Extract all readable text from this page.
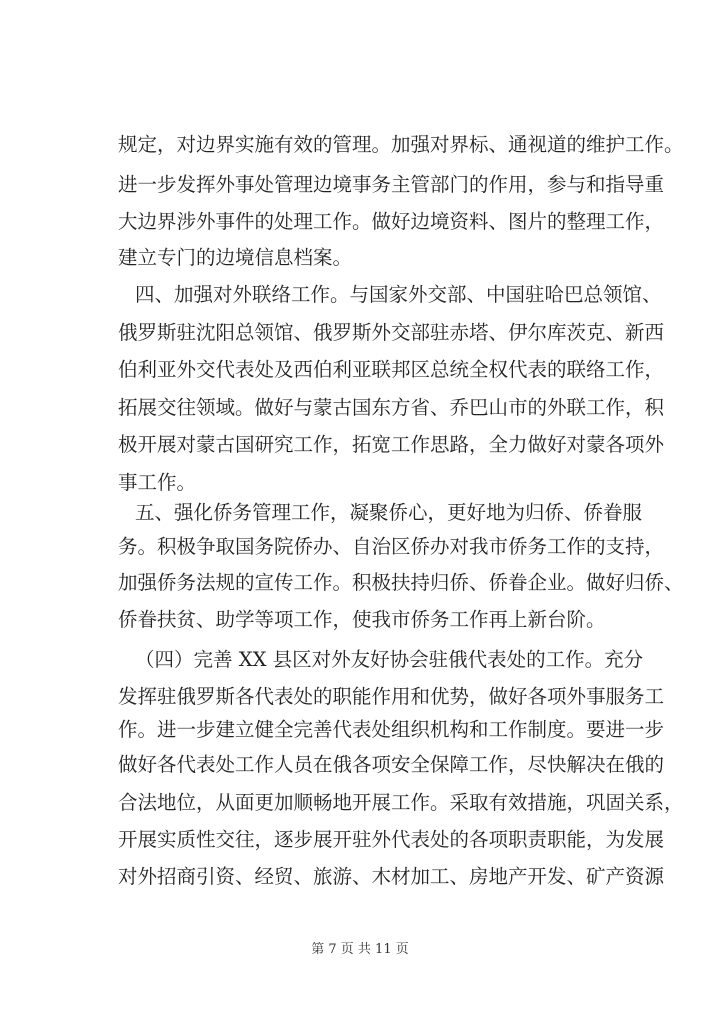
规定，对边界实施有效的管理。加强对界标、通视道的维护工作。
进一步发挥外事处管理边境事务主管部门的作用，参与和指导重
大边界涉外事件的处理工作。做好边境资料、图片的整理工作，
建立专门的边境信息档案。
四、加强对外联络工作。与国家外交部、中国驻哈巴总领馆、
俄罗斯驻沈阳总领馆、俄罗斯外交部驻赤塔、伊尔库茨克、新西
伯利亚外交代表处及西伯利亚联邦区总统全权代表的联络工作，
拓展交往领域。做好与蒙古国东方省、乔巴山市的外联工作，积
极开展对蒙古国研究工作，拓宽工作思路，全力做好对蒙各项外
事工作。
五、强化侨务管理工作，凝聚侨心，更好地为归侨、侨眷服
务。积极争取国务院侨办、自治区侨办对我市侨务工作的支持，
加强侨务法规的宣传工作。积极扶持归侨、侨眷企业。做好归侨、
侨眷扶贫、助学等项工作，使我市侨务工作再上新台阶。
（四）完善 XX 县区对外友好协会驻俄代表处的工作。充分
发挥驻俄罗斯各代表处的职能作用和优势，做好各项外事服务工
作。进一步建立健全完善代表处组织机构和工作制度。要进一步
做好各代表处工作人员在俄各项安全保障工作，尽快解决在俄的
合法地位，从面更加顺畅地开展工作。采取有效措施，巩固关系，
开展实质性交往，逐步展开驻外代表处的各项职责职能，为发展
对外招商引资、经贸、旅游、木材加工、房地产开发、矿产资源
第 7 页 共 11 页
